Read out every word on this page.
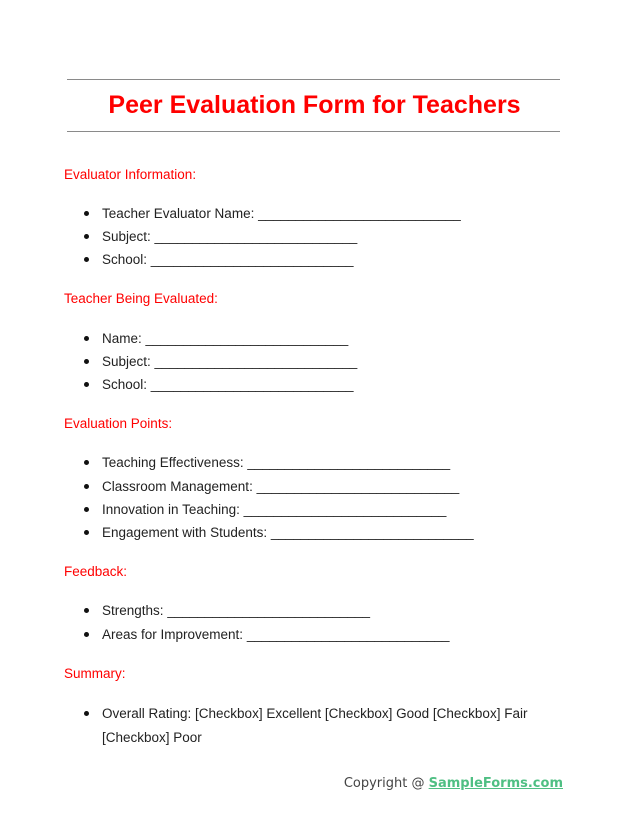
Peer Evaluation Form for Teachers
Evaluator Information:
Teacher Evaluator Name: ___________________________
Subject: ___________________________
School: ___________________________
Teacher Being Evaluated:
Name: ___________________________
Subject: ___________________________
School: ___________________________
Evaluation Points:
Teaching Effectiveness: ___________________________
Classroom Management: ___________________________
Innovation in Teaching: ___________________________
Engagement with Students: ___________________________
Feedback:
Strengths: ___________________________
Areas for Improvement: ___________________________
Summary:
Overall Rating: [Checkbox] Excellent [Checkbox] Good [Checkbox] Fair [Checkbox] Poor
Copyright @ SampleForms.com
